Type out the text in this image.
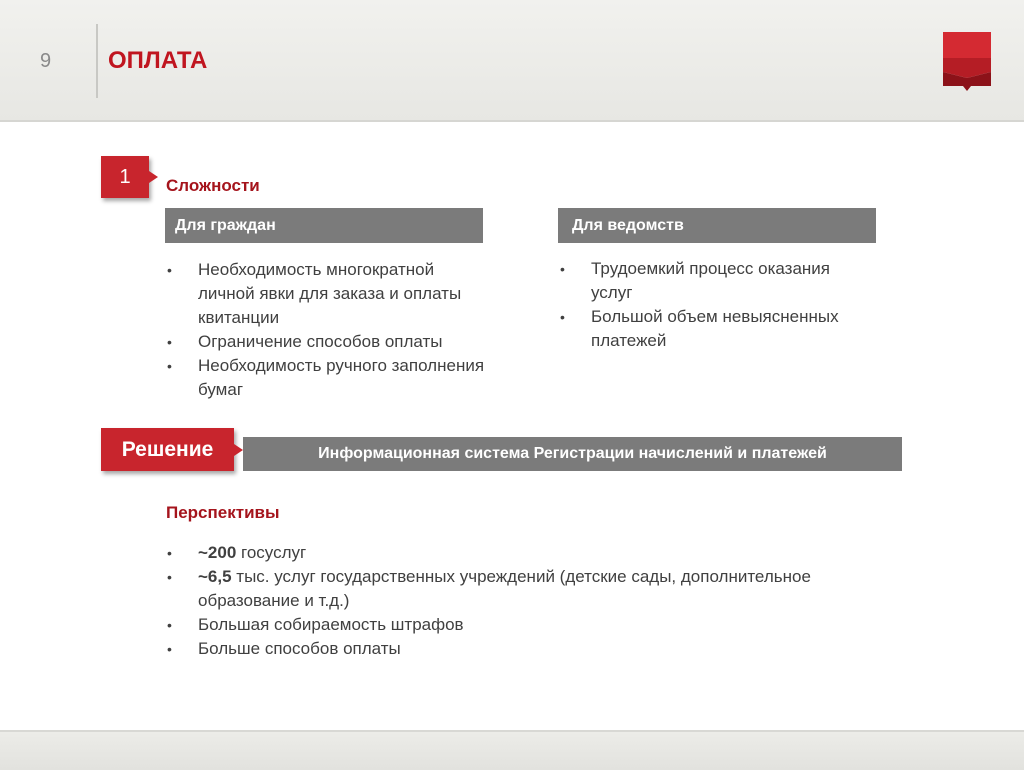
9 ОПЛАТА
1	Сложности
Для граждан	Для ведомств
• Необходимость многократной личной явки для заказа и оплаты квитанции
• Ограничение способов оплаты
• Необходимость ручного заполнения бумаг
• Трудоемкий процесс оказания услуг
• Большой объем невыясненных платежей
Информационная система Регистрации начислений и платежей
Решение
Перспективы
• ~200 госуслуг
• ~6,5 тыс. услуг государственных учреждений (детские сады, дополнительное образование и т.д.)
• Большая собираемость штрафов
• Больше способов оплаты
